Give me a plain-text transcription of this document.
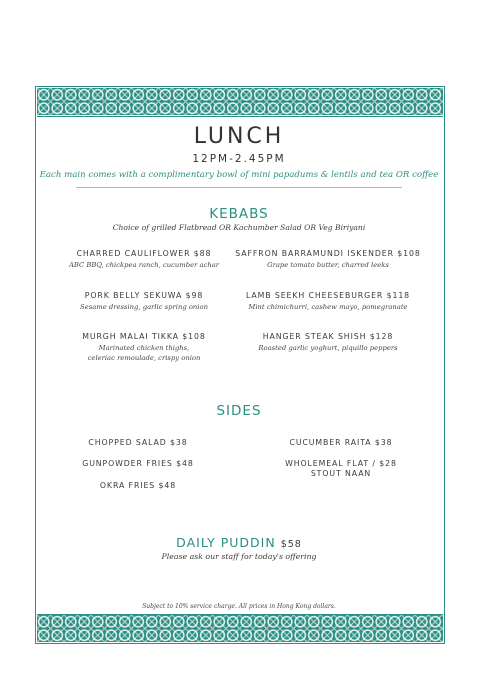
LUNCH
12PM-2.45PM
Each main comes with a complimentary bowl of mini papadums & lentils and tea OR coffee
KEBABS
Choice of grilled Flatbread OR Kachumber Salad OR Veg Biriyani
CHARRED CAULIFLOWER $88
ABC BBQ, chickpea ranch, cucumber achar
SAFFRON BARRAMUNDI ISKENDER $108
Grape tomato butter, charred leeks
PORK BELLY SEKUWA $98
Sesame dressing, garlic spring onion
LAMB SEEKH CHEESEBURGER $118
Mint chimichurri, cashew mayo, pomegranate
MURGH MALAI TIKKA $108
Marinated chicken thighs,
celeriac remoulade, crispy onion
HANGER STEAK SHISH $128
Roasted garlic yoghurt, piquillo peppers
SIDES
CHOPPED SALAD $38	CUCUMBER RAITA $38
GUNPOWDER FRIES $48	WHOLEMEAL FLAT / $28
STOUT NAAN
OKRA FRIES $48
DAILY PUDDIN $58
Please ask our staff for today's offering
Subject to 10% service charge. All prices in Hong Kong dollars.
